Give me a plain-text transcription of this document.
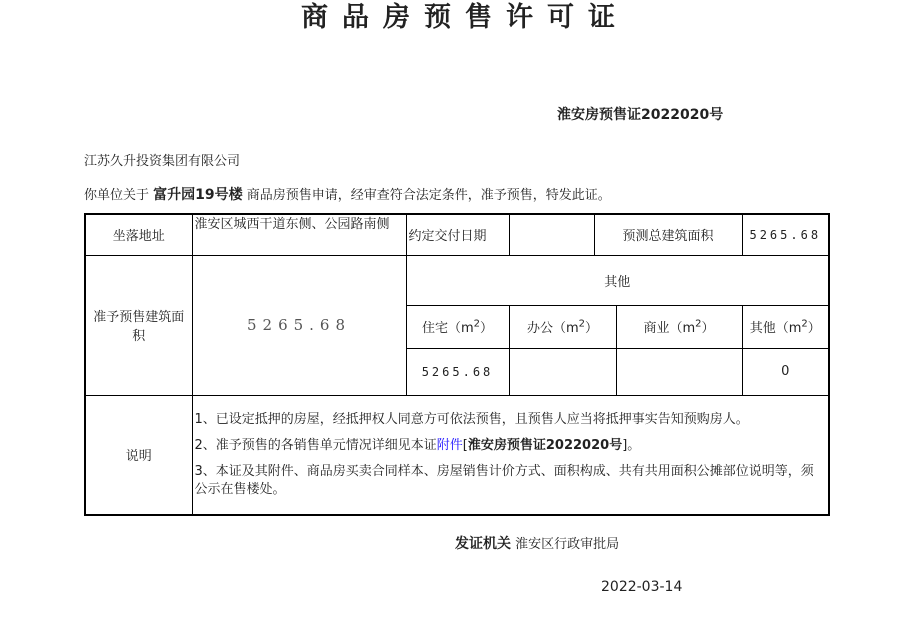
商品房预售许可证
淮安房预售证2022020号
江苏久升投资集团有限公司
你单位关于 富升园19号楼 商品房预售申请，经审查符合法定条件，准予预售，特发此证。
坐落地址	淮安区城西干道东侧、公园路南侧	约定交付日期		预测总建筑面积		5265.68
准予预售建筑面积	5265.68	其他				
		住宅$(m^2)$	办公$(m^2)$		商业$(m^2)$	其他$(m^2)$
		5265.68				0
说明	1、已设定抵押的房屋，经抵押权人同意方可依法预售，且预售人应当将抵押事实告知预购房人。

2、准予预售的各销售单元情况详细见本证附件[淮安房预售证2022020号]。

3、本证及其附件、商品房买卖合同样本、房屋销售计价方式、面积构成、共有共用面积公摊部位说明等，须公示在售楼处。					

发证机关 淮安区行政审批局
2022-03-14
